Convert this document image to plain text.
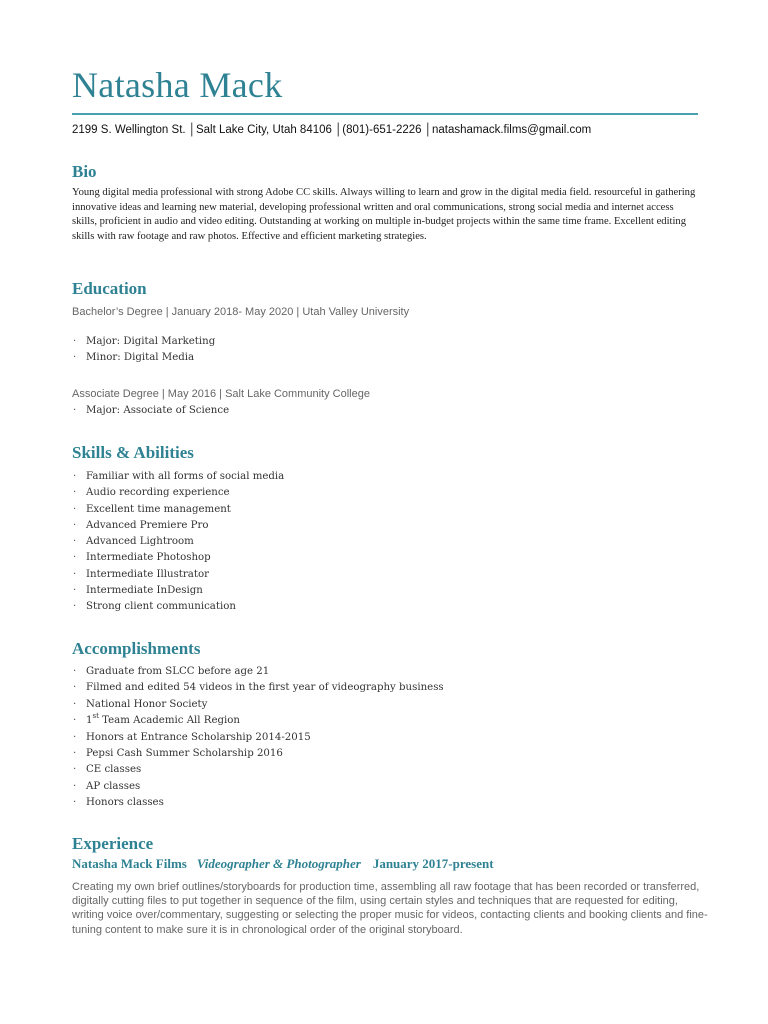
Natasha Mack
2199 S. Wellington St. │Salt Lake City, Utah 84106 │(801)-651-2226 │natashamack.films@gmail.com
Bio

Young digital media professional with strong Adobe CC skills. Always willing to learn and grow in the digital media field. resourceful in gathering innovative ideas and learning new material, developing professional written and oral communications, strong social media and internet access skills, proficient in audio and video editing. Outstanding at working on multiple in-budget projects within the same time frame. Excellent editing skills with raw footage and raw photos. Effective and efficient marketing strategies.

Education

Bachelor’s Degree | January 2018- May 2020 | Utah Valley University

· Major: Digital Marketing
· Minor: Digital Media

Associate Degree | May 2016 | Salt Lake Community College

· Major: Associate of Science
Skills & Abilities
· Familiar with all forms of social media
· Audio recording experience
· Excellent time management
· Advanced Premiere Pro
· Advanced Lightroom
· Intermediate Photoshop
· Intermediate Illustrator
· Intermediate InDesign
· Strong client communication
Accomplishments
· Graduate from SLCC before age 21
· Filmed and edited 54 videos in the first year of videography business
· National Honor Society
· 1st Team Academic All Region
· Honors at Entrance Scholarship 2014-2015
· Pepsi Cash Summer Scholarship 2016
· CE classes
· AP classes
· Honors classes
Experience

Natasha Mack Films Videographer & Photographer January 2017-present

Creating my own brief outlines/storyboards for production time, assembling all raw footage that has been recorded or transferred, digitally cutting files to put together in sequence of the film, using certain styles and techniques that are requested for editing, writing voice over/commentary, suggesting or selecting the proper music for videos, contacting clients and booking clients and fine-tuning content to make sure it is in chronological order of the original storyboard.
